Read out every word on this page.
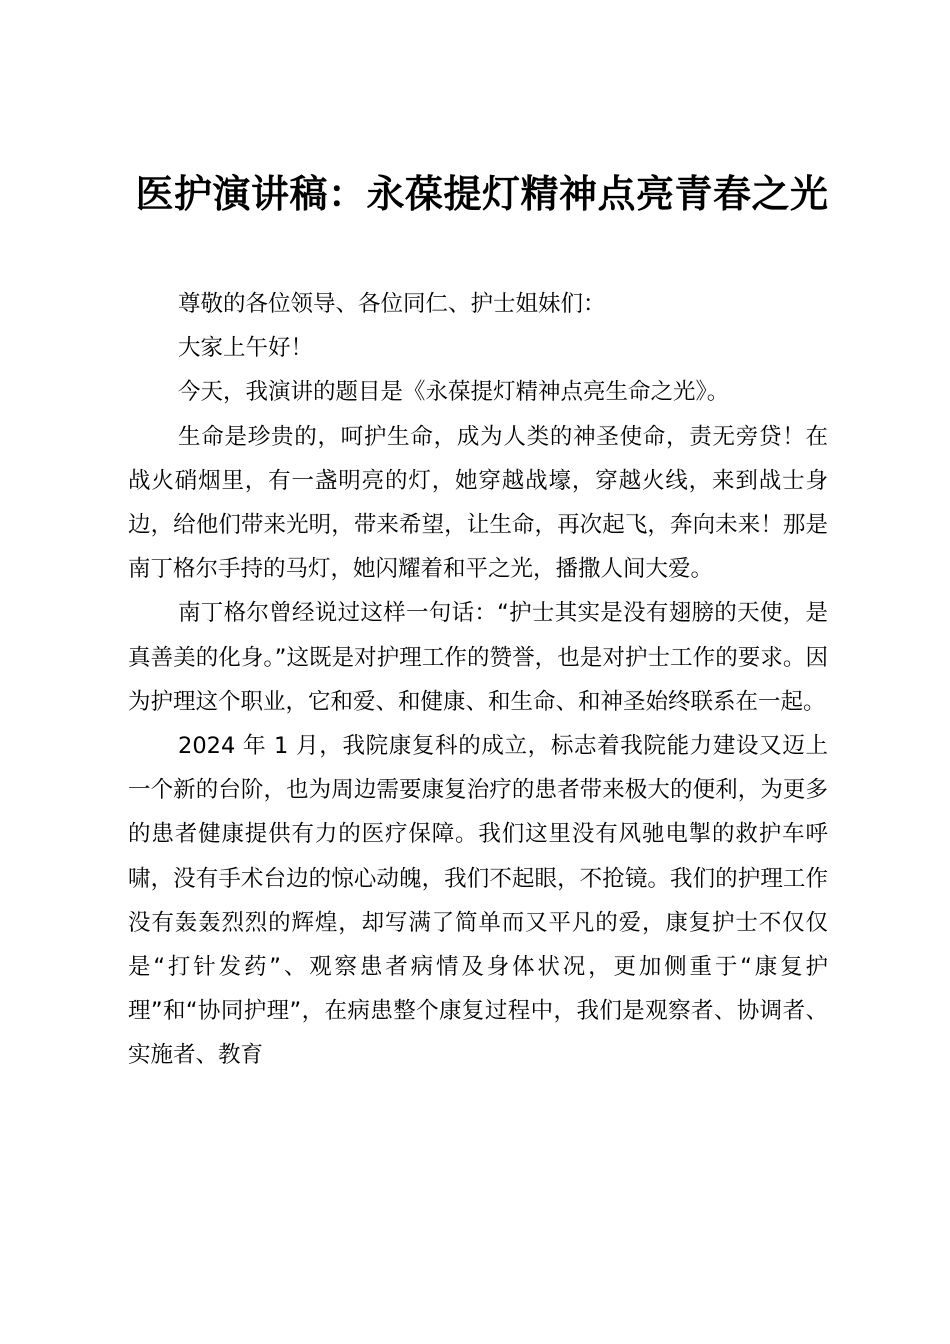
医护演讲稿：永葆提灯精神点亮青春之光

尊敬的各位领导、各位同仁、护士姐妹们：

大家上午好！

今天，我演讲的题目是《永葆提灯精神点亮生命之光》。

生命是珍贵的，呵护生命，成为人类的神圣使命，责无旁贷！在战火硝烟里，有一盏明亮的灯，她穿越战壕，穿越火线，来到战士身边，给他们带来光明，带来希望，让生命，再次起飞，奔向未来！那是南丁格尔手持的马灯，她闪耀着和平之光，播撒人间大爱。

南丁格尔曾经说过这样一句话：“护士其实是没有翅膀的天使，是真善美的化身。”这既是对护理工作的赞誉，也是对护士工作的要求。因为护理这个职业，它和爱、和健康、和生命、和神圣始终联系在一起。

2024 年 1 月，我院康复科的成立，标志着我院能力建设又迈上一个新的台阶，也为周边需要康复治疗的患者带来极大的便利，为更多的患者健康提供有力的医疗保障。我们这里没有风驰电掣的救护车呼啸，没有手术台边的惊心动魄，我们不起眼，不抢镜。我们的护理工作没有轰轰烈烈的辉煌，却写满了简单而又平凡的爱，康复护士不仅仅是“打针发药”、观察患者病情及身体状况，更加侧重于“康复护理”和“协同护理”，在病患整个康复过程中，我们是观察者、协调者、实施者、教育
